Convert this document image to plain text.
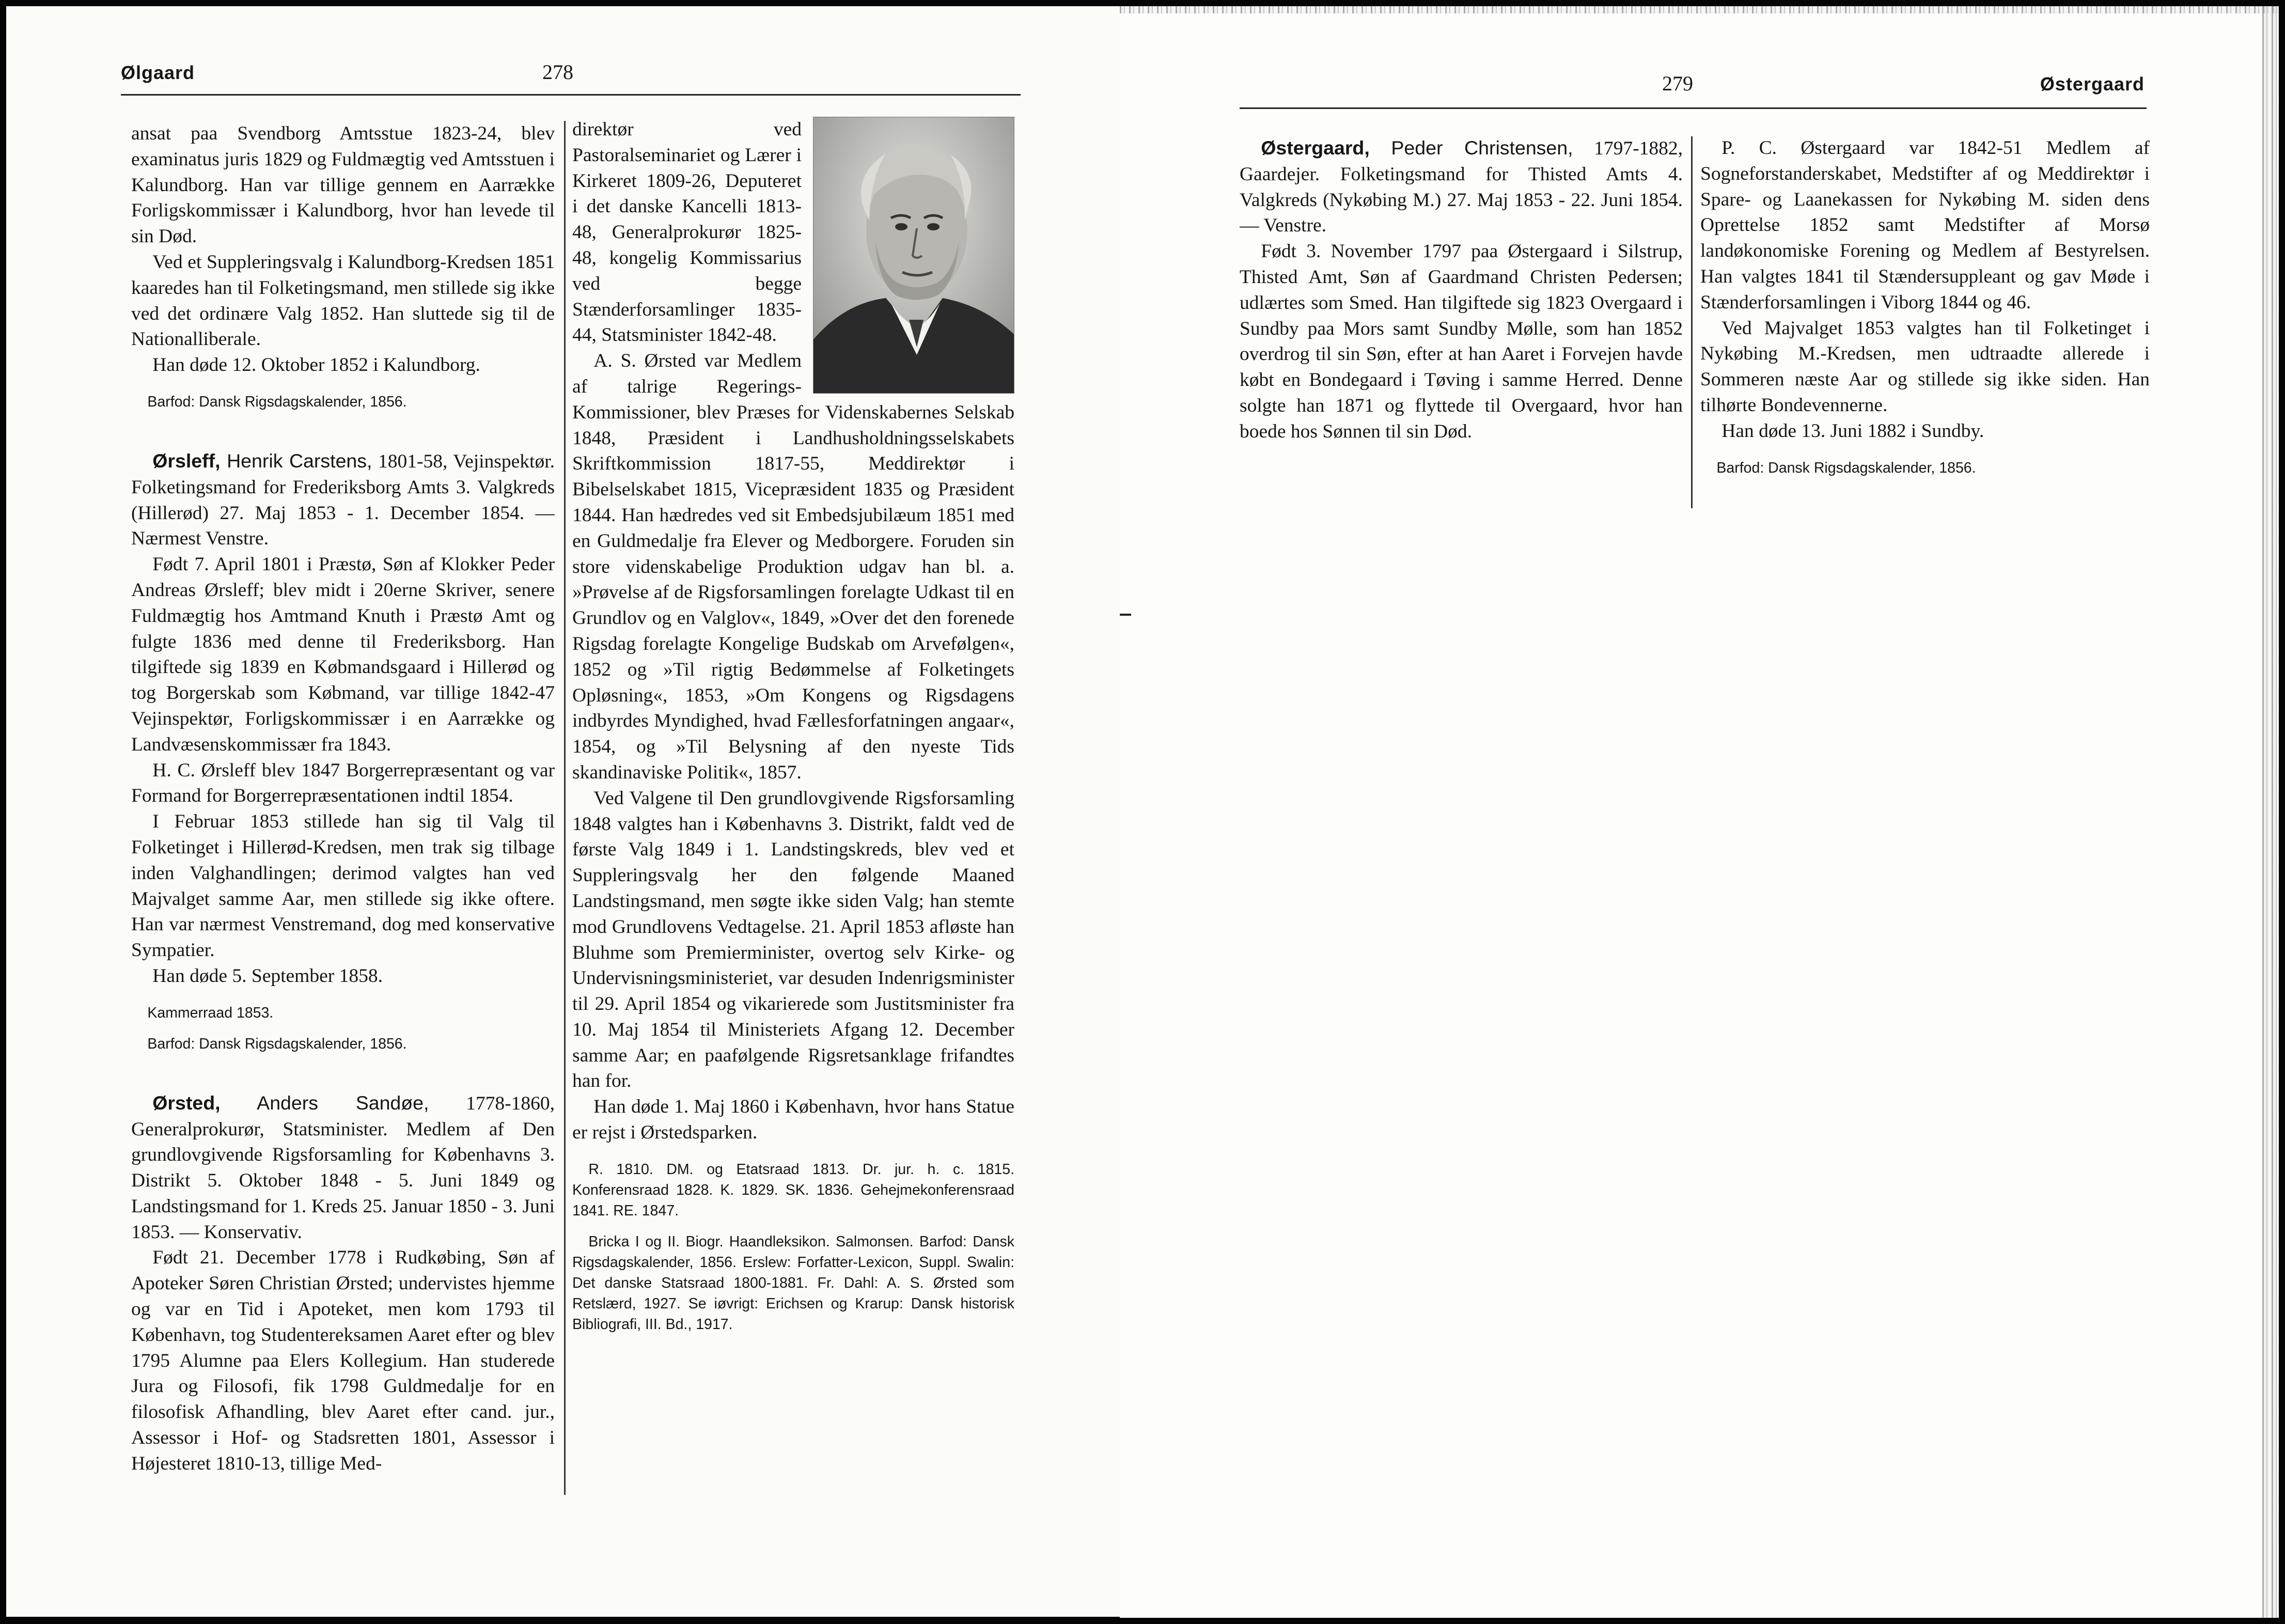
Ølgaard	278

ansat paa Svendborg Amtsstue 1823-24, blev examinatus juris 1829 og Fuldmægtig ved Amtsstuen i Kalundborg. Han var tillige gennem en Aarrække Forligskommissær i Kalundborg, hvor han levede til sin Død.

Ved et Suppleringsvalg i Kalundborg-Kredsen 1851 kaaredes han til Folketingsmand, men stillede sig ikke ved det ordinære Valg 1852. Han sluttede sig til de Nationalliberale.

Han døde 12. Oktober 1852 i Kalundborg.

Barfod: Dansk Rigsdagskalender, 1856.

Ørsleff, Henrik Carstens, 1801-58, Vejinspektør. Folketingsmand for Frederiksborg Amts 3. Valgkreds (Hillerød) 27. Maj 1853 - 1. December 1854. — Nærmest Venstre.

Født 7. April 1801 i Præstø, Søn af Klokker Peder Andreas Ørsleff; blev midt i 20erne Skriver, senere Fuldmægtig hos Amtmand Knuth i Præstø Amt og fulgte 1836 med denne til Frederiksborg. Han tilgiftede sig 1839 en Købmandsgaard i Hillerød og tog Borgerskab som Købmand, var tillige 1842-47 Vejinspektør, Forligskommissær i en Aarrække og Landvæsenskommissær fra 1843.

H. C. Ørsleff blev 1847 Borgerrepræsentant og var Formand for Borgerrepræsentationen indtil 1854.

I Februar 1853 stillede han sig til Valg til Folketinget i Hillerød-Kredsen, men trak sig tilbage inden Valghandlingen; derimod valgtes han ved Majvalget samme Aar, men stillede sig ikke oftere. Han var nærmest Venstremand, dog med konservative Sympatier.

Han døde 5. September 1858.

Kammerraad 1853.

Barfod: Dansk Rigsdagskalender, 1856.

Ørsted, Anders Sandøe, 1778-1860, Generalprokurør, Statsminister. Medlem af Den grundlovgivende Rigsforsamling for Københavns 3. Distrikt 5. Oktober 1848 - 5. Juni 1849 og Landstingsmand for 1. Kreds 25. Januar 1850 - 3. Juni 1853. — Konservativ.

Født 21. December 1778 i Rudkøbing, Søn af Apoteker Søren Christian Ørsted; undervistes hjemme og var en Tid i Apoteket, men kom 1793 til København, tog Studentereksamen Aaret efter og blev 1795 Alumne paa Elers Kollegium. Han studerede Jura og Filosofi, fik 1798 Guldmedalje for en filosofisk Afhandling, blev Aaret efter cand. jur., Assessor i Hof- og Stadsretten 1801, Assessor i Højesteret 1810-13, tillige Med-

direktør ved Pastoralseminariet og Lærer i Kirkeret 1809-26, Deputeret i det danske Kancelli 1813-48, Generalprokurør 1825-48, kongelig Kommissarius ved begge Stænderforsamlinger 1835-44, Statsminister 1842-48.

A. S. Ørsted var Medlem af talrige Regerings-Kommissioner, blev Præses for Videnskabernes Selskab 1848, Præsident i Landhusholdningsselskabets Skriftkommission 1817-55, Meddirektør i Bibelselskabet 1815, Vicepræsident 1835 og Præsident 1844. Han hædredes ved sit Embedsjubilæum 1851 med en Guldmedalje fra Elever og Medborgere. Foruden sin store videnskabelige Produktion udgav han bl. a. »Prøvelse af de Rigsforsamlingen forelagte Udkast til en Grundlov og en Valglov«, 1849, »Over det den forenede Rigsdag forelagte Kongelige Budskab om Arvefølgen«, 1852 og »Til rigtig Bedømmelse af Folketingets Opløsning«, 1853, »Om Kongens og Rigsdagens indbyrdes Myndighed, hvad Fællesforfatningen angaar«, 1854, og »Til Belysning af den nyeste Tids skandinaviske Politik«, 1857.

Ved Valgene til Den grundlovgivende Rigsforsamling 1848 valgtes han i Københavns 3. Distrikt, faldt ved de første Valg 1849 i 1. Landstingskreds, blev ved et Suppleringsvalg her den følgende Maaned Landstingsmand, men søgte ikke siden Valg; han stemte mod Grundlovens Vedtagelse. 21. April 1853 afløste han Bluhme som Premierminister, overtog selv Kirke- og Undervisningsministeriet, var desuden Indenrigsminister til 29. April 1854 og vikarierede som Justitsminister fra 10. Maj 1854 til Ministeriets Afgang 12. December samme Aar; en paafølgende Rigsretsanklage frifandtes han for.

Han døde 1. Maj 1860 i København, hvor hans Statue er rejst i Ørstedsparken.

R. 1810. DM. og Etatsraad 1813. Dr. jur. h. c. 1815. Konferensraad 1828. K. 1829. SK. 1836. Gehejmekonferensraad 1841. RE. 1847.

Bricka I og II. Biogr. Haandleksikon. Salmonsen. Barfod: Dansk Rigsdagskalender, 1856. Erslew: Forfatter-Lexicon, Suppl. Swalin: Det danske Statsraad 1800-1881. Fr. Dahl: A. S. Ørsted som Retslærd, 1927. Se iøvrigt: Erichsen og Krarup: Dansk historisk Bibliografi, III. Bd., 1917.

279	Østergaard

Østergaard, Peder Christensen, 1797-1882, Gaardejer. Folketingsmand for Thisted Amts 4. Valgkreds (Nykøbing M.) 27. Maj 1853 - 22. Juni 1854. — Venstre.

Født 3. November 1797 paa Østergaard i Silstrup, Thisted Amt, Søn af Gaardmand Christen Pedersen; udlærtes som Smed. Han tilgiftede sig 1823 Overgaard i Sundby paa Mors samt Sundby Mølle, som han 1852 overdrog til sin Søn, efter at han Aaret i Forvejen havde købt en Bondegaard i Tøving i samme Herred. Denne solgte han 1871 og flyttede til Overgaard, hvor han boede hos Sønnen til sin Død.

P. C. Østergaard var 1842-51 Medlem af Sogneforstanderskabet, Medstifter af og Meddirektør i Spare- og Laanekassen for Nykøbing M. siden dens Oprettelse 1852 samt Medstifter af Morsø landøkonomiske Forening og Medlem af Bestyrelsen. Han valgtes 1841 til Stændersuppleant og gav Møde i Stænderforsamlingen i Viborg 1844 og 46.

Ved Majvalget 1853 valgtes han til Folketinget i Nykøbing M.-Kredsen, men udtraadte allerede i Sommeren næste Aar og stillede sig ikke siden. Han tilhørte Bondevennerne.

Han døde 13. Juni 1882 i Sundby.

Barfod: Dansk Rigsdagskalender, 1856.
